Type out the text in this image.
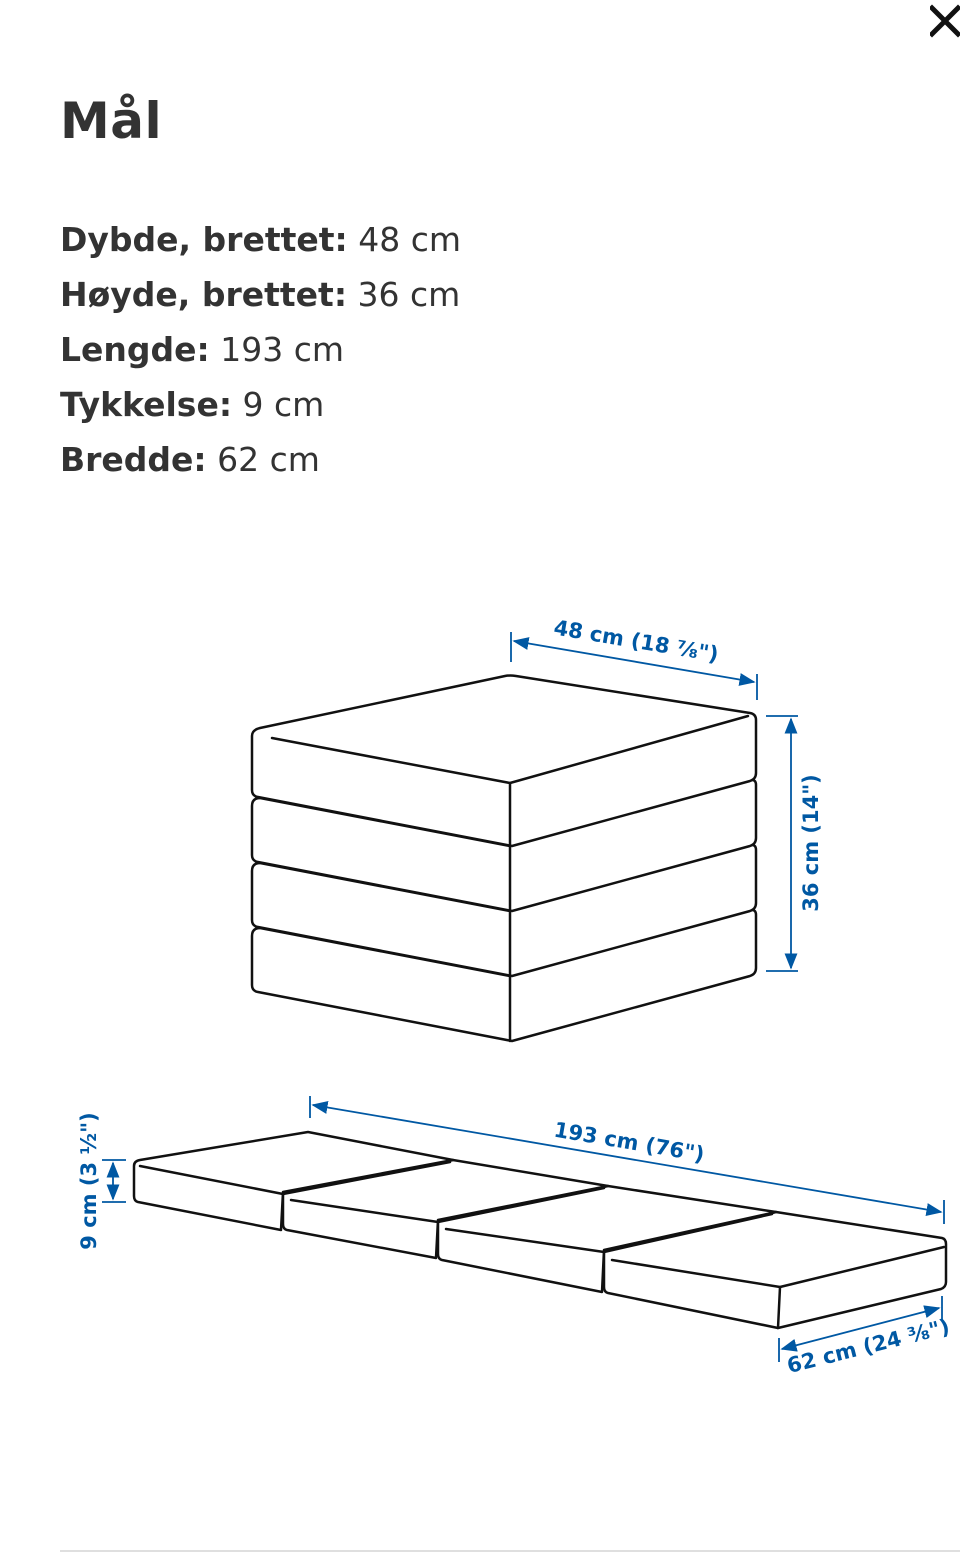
Mål
Dybde, brettet: 48 cm
Høyde, brettet: 36 cm
Lengde: 193 cm
Tykkelse: 9 cm
Bredde: 62 cm
48 cm (18 ⅞")
36 cm (14")
193 cm (76")
9 cm (3 ½")
62 cm (24 ⅜")
